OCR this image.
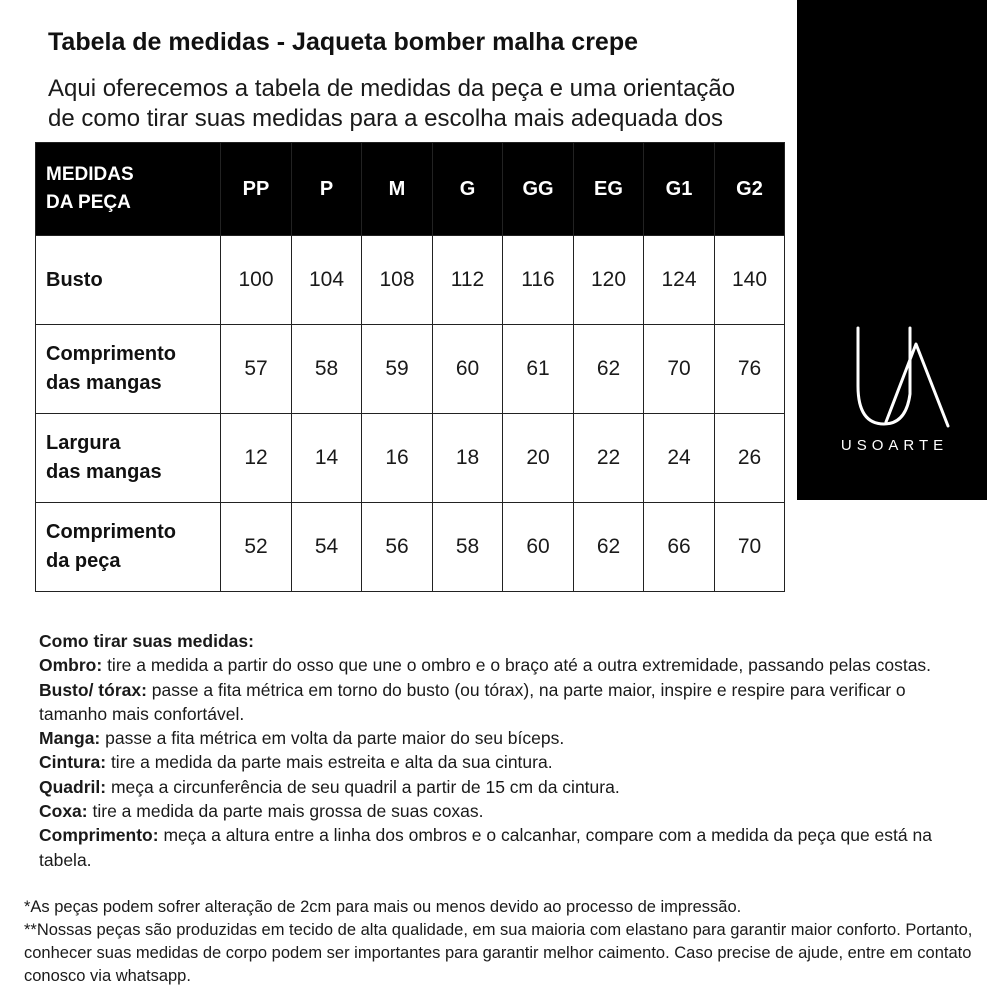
Tabela de medidas - Jaqueta bomber malha crepe
Aqui oferecemos a tabela de medidas da peça e uma orientação
de como tirar suas medidas para a escolha mais adequada dos
USOARTE
MEDIDAS
DA PEÇA	PP	P	M	G	GG	EG	G1	G2

Busto	100	104	108	112	116	120	124	140

Comprimento
das mangas	57	58	59	60	61	62	70	76

Largura
das mangas	12	14	16	18	20	22	24	26

Comprimento
da peça	52	54	56	58	60	62	66	70

Como tirar suas medidas:

Ombro: tire a medida a partir do osso que une o ombro e o braço até a outra extremidade, passando pelas costas.

Busto/ tórax: passe a fita métrica em torno do busto (ou tórax), na parte maior, inspire e respire para verificar o tamanho mais confortável.

Manga: passe a fita métrica em volta da parte maior do seu bíceps.

Cintura: tire a medida da parte mais estreita e alta da sua cintura.

Quadril: meça a circunferência de seu quadril a partir de 15 cm da cintura.

Coxa: tire a medida da parte mais grossa de suas coxas.

Comprimento: meça a altura entre a linha dos ombros e o calcanhar, compare com a medida da peça que está na tabela.

*As peças podem sofrer alteração de 2cm para mais ou menos devido ao processo de impressão.

**Nossas peças são produzidas em tecido de alta qualidade, em sua maioria com elastano para garantir maior conforto. Portanto, conhecer suas medidas de corpo podem ser importantes para garantir melhor caimento. Caso precise de ajude, entre em contato conosco via whatsapp.
